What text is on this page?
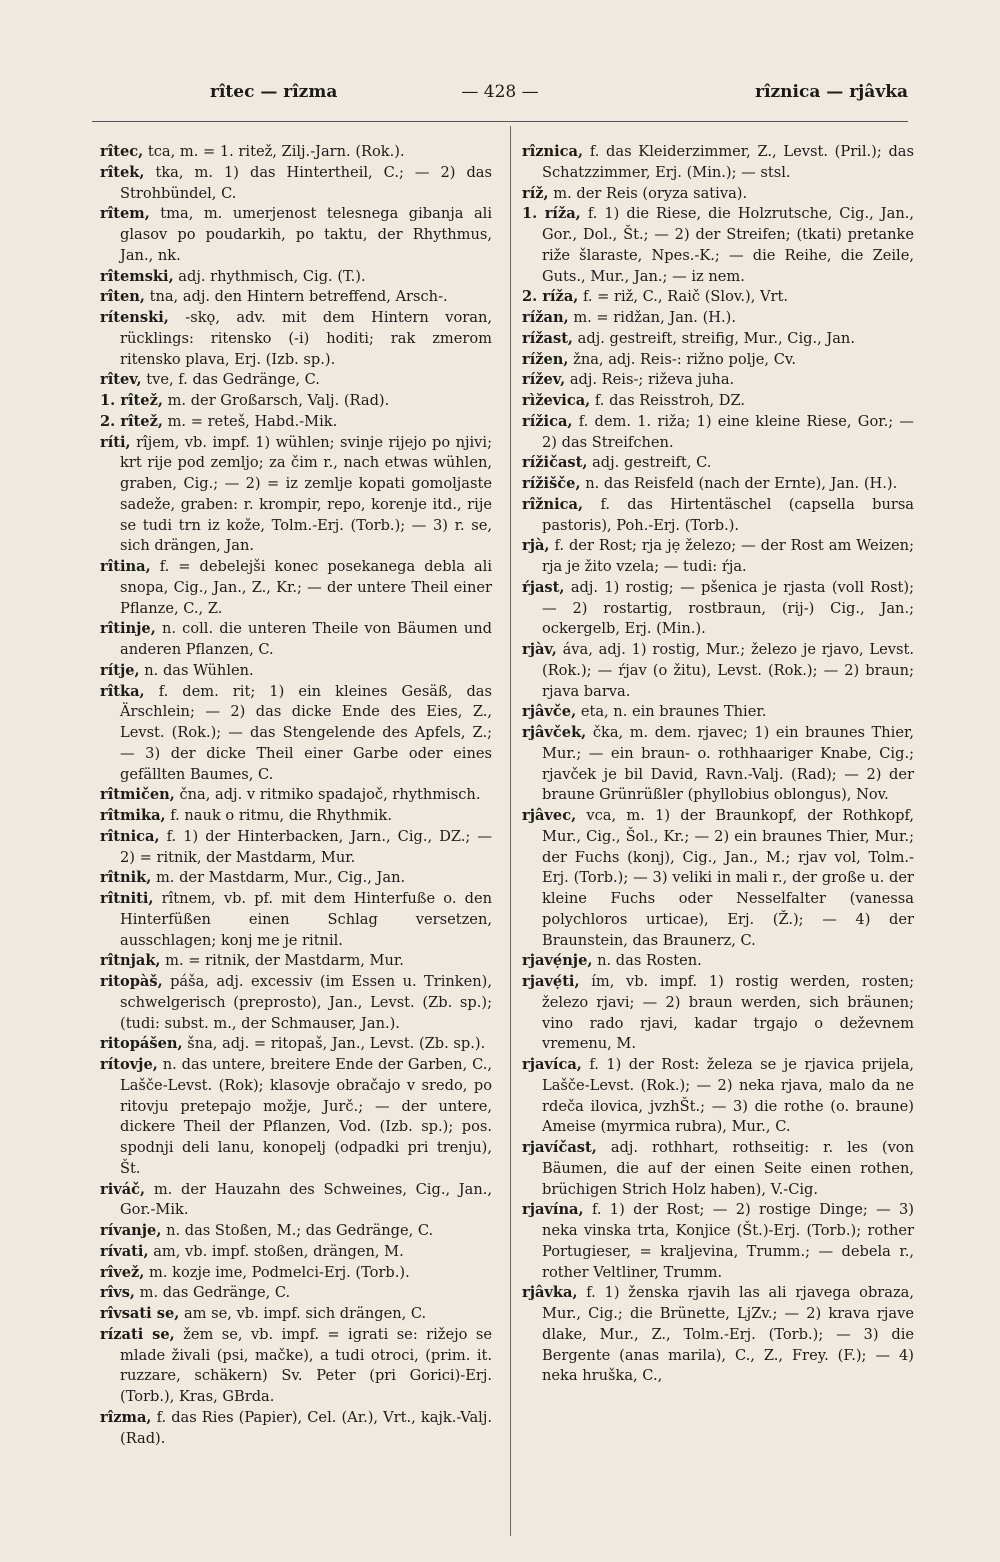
rîtec — rîzma	— 428 —	rîznica — rjâvka

rîtec, tca, m. = 1. ritež, Zilj.-Jarn. (Rok.).

rîtek, tka, m. 1) das Hintertheil, C.; — 2) das Strohbündel, C.

rîtem, tma, m. umerjenost telesnega gibanja ali glasov po poudarkih, po taktu, der Rhythmus, Jan., nk.

rîtemski, adj. rhythmisch, Cig. (T.).

rîten, tna, adj. den Hintern betreffend, Arsch-.

rítenski, -skǫ, adv. mit dem Hintern voran, rücklings: ritensko (-i) hoditi; rak zmerom ritensko plava, Erj. (Izb. sp.).

rîtev, tve, f. das Gedränge, C.

1. rîtež, m. der Großarsch, Valj. (Rad).

2. rîtež, m. = reteš, Habd.-Mik.

ríti, rîjem, vb. impf. 1) wühlen; svinje rijejo po njivi; krt rije pod zemljo; za čim r., nach etwas wühlen, graben, Cig.; — 2) = iz zemlje kopati gomoljaste sadeže, graben: r. krompir, repo, korenje itd., rije se tudi trn iz kože, Tolm.-Erj. (Torb.); — 3) r. se, sich drängen, Jan.

rîtina, f. = debelejši konec posekanega debla ali snopa, Cig., Jan., Z., Kr.; — der untere Theil einer Pflanze, C., Z.

rîtinje, n. coll. die unteren Theile von Bäumen und anderen Pflanzen, C.

rítje, n. das Wühlen.

rîtka, f. dem. rit; 1) ein kleines Gesäß, das Ärschlein; — 2) das dicke Ende des Eies, Z., Levst. (Rok.); — das Stengelende des Apfels, Z.; — 3) der dicke Theil einer Garbe oder eines gefällten Baumes, C.

rîtmičen, čna, adj. v ritmiko spadajoč, rhythmisch.

rîtmika, f. nauk o ritmu, die Rhythmik.

rîtnica, f. 1) der Hinterbacken, Jarn., Cig., DZ.; — 2) = ritnik, der Mastdarm, Mur.

rîtnik, m. der Mastdarm, Mur., Cig., Jan.

rîtniti, rîtnem, vb. pf. mit dem Hinterfuße o. den Hinterfüßen einen Schlag versetzen, ausschlagen; konj me je ritnil.

rîtnjak, m. = ritnik, der Mastdarm, Mur.

ritopàš, páša, adj. excessiv (im Essen u. Trinken), schwelgerisch (preprosto), Jan., Levst. (Zb. sp.); (tudi: subst. m., der Schmauser, Jan.).

ritopášen, šna, adj. = ritopaš, Jan., Levst. (Zb. sp.).

rítovje, n. das untere, breitere Ende der Garben, C., Lašče-Levst. (Rok); klasovje obračajo v sredo, po ritovju pretepajo možje, Jurč.; — der untere, dickere Theil der Pflanzen, Vod. (Izb. sp.); pos. spodnji deli lanu, konopelj (odpadki pri trenju), Št.

riváč, m. der Hauzahn des Schweines, Cig., Jan., Gor.-Mik.

rívanje, n. das Stoßen, M.; das Gedränge, C.

rívati, am, vb. impf. stoßen, drängen, M.

rîvež, m. kozje ime, Podmelci-Erj. (Torb.).

rîvs, m. das Gedränge, C.

rîvsati se, am se, vb. impf. sich drängen, C.

rízati se, žem se, vb. impf. = igrati se: rižejo se mlade živali (psi, mačke), a tudi otroci, (prim. it. ruzzare, schäkern) Sv. Peter (pri Gorici)-Erj. (Torb.), Kras, GBrda.

rîzma, f. das Ries (Papier), Cel. (Ar.), Vrt., kajk.-Valj. (Rad).

rîznica, f. das Kleiderzimmer, Z., Levst. (Pril.); das Schatzzimmer, Erj. (Min.); — stsl.

ríž, m. der Reis (oryza sativa).

1. ríža, f. 1) die Riese, die Holzrutsche, Cig., Jan., Gor., Dol., Št.; — 2) der Streifen; (tkati) pretanke riže šlaraste, Npes.-K.; — die Reihe, die Zeile, Guts., Mur., Jan.; — iz nem.

2. ríža, f. = riž, C., Raič (Slov.), Vrt.

rížan, m. = ridžan, Jan. (H.).

rížast, adj. gestreift, streifig, Mur., Cig., Jan.

rížen, žna, adj. Reis-: rižno polje, Cv.

rížev, adj. Reis-; riževa juha.

rìževica, f. das Reisstroh, DZ.

rížica, f. dem. 1. riža; 1) eine kleine Riese, Gor.; — 2) das Streifchen.

rížičast, adj. gestreift, C.

rížišče, n. das Reisfeld (nach der Ernte), Jan. (H.).

rîžnica, f. das Hirtentäschel (capsella bursa pastoris), Poh.-Erj. (Torb.).

rjà, f. der Rost; rja jẹ železo; — der Rost am Weizen; rja je žito vzela; — tudi: ŕja.

ŕjast, adj. 1) rostig; — pšenica je rjasta (voll Rost); — 2) rostartig, rostbraun, (rij-) Cig., Jan.; ockergelb, Erj. (Min.).

rjàv, áva, adj. 1) rostig, Mur.; železo je rjavo, Levst. (Rok.); — ŕjav (o žitu), Levst. (Rok.); — 2) braun; rjava barva.

rjâvče, eta, n. ein braunes Thier.

rjâvček, čka, m. dem. rjavec; 1) ein braunes Thier, Mur.; — ein braun- o. rothhaariger Knabe, Cig.; rjavček je bil David, Ravn.-Valj. (Rad); — 2) der braune Grünrüßler (phyllobius oblongus), Nov.

rjâvec, vca, m. 1) der Braunkopf, der Rothkopf, Mur., Cig., Šol., Kr.; — 2) ein braunes Thier, Mur.; der Fuchs (konj), Cig., Jan., M.; rjav vol, Tolm.-Erj. (Torb.); — 3) veliki in mali r., der große u. der kleine Fuchs oder Nesselfalter (vanessa polychloros urticae), Erj. (Ž.); — 4) der Braunstein, das Braunerz, C.

rjavẹ́nje, n. das Rosten.

rjavẹ́ti, ím, vb. impf. 1) rostig werden, rosten; železo rjavi; — 2) braun werden, sich bräunen; vino rado rjavi, kadar trgajo o deževnem vremenu, M.

rjavíca, f. 1) der Rost: železa se je rjavica prijela, Lašče-Levst. (Rok.); — 2) neka rjava, malo da ne rdeča ilovica, jvzhŠt.; — 3) die rothe (o. braune) Ameise (myrmica rubra), Mur., C.

rjavíčast, adj. rothhart, rothseitig: r. les (von Bäumen, die auf der einen Seite einen rothen, brüchigen Strich Holz haben), V.-Cig.

rjavína, f. 1) der Rost; — 2) rostige Dinge; — 3) neka vinska trta, Konjice (Št.)-Erj. (Torb.); rother Portugieser, = kraljevina, Trumm.; — debela r., rother Veltliner, Trumm.

rjâvka, f. 1) ženska rjavih las ali rjavega obraza, Mur., Cig.; die Brünette, LjZv.; — 2) krava rjave dlake, Mur., Z., Tolm.-Erj. (Torb.); — 3) die Bergente (anas marila), C., Z., Frey. (F.); — 4) neka hruška, C.,
